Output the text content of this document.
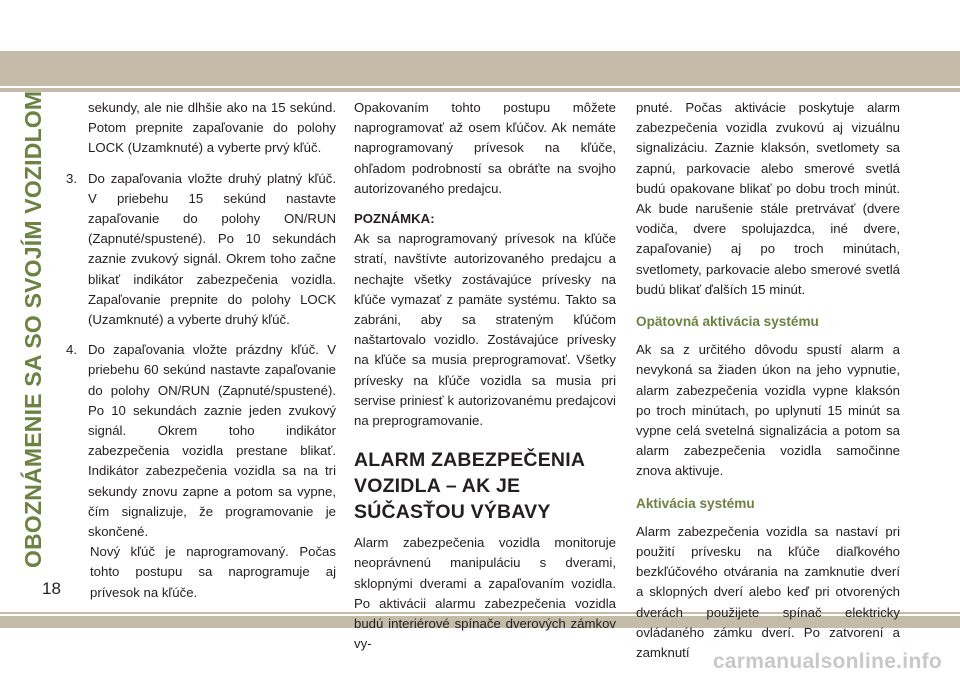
OBOZNÁMENIE SA SO SVOJÍM VOZIDLOM
18

sekundy, ale nie dlhšie ako na 15 sekúnd. Potom prepnite zapaľovanie do polohy LOCK (Uzamknuté) a vyberte prvý kľúč.

3. Do zapaľovania vložte druhý platný kľúč. V priebehu 15 sekúnd nastavte zapaľovanie do polohy ON/RUN (Zapnuté/spustené). Po 10 sekundách zaznie zvukový signál. Okrem toho začne blikať indikátor zabezpečenia vozidla. Zapaľovanie prepnite do polohy LOCK (Uzamknuté) a vyberte druhý kľúč.

4. Do zapaľovania vložte prázdny kľúč. V priebehu 60 sekúnd nastavte zapaľovanie do polohy ON/RUN (Zapnuté/spustené). Po 10 sekundách zaznie jeden zvukový signál. Okrem toho indikátor zabezpečenia vozidla prestane blikať. Indikátor zabezpečenia vozidla sa na tri sekundy znovu zapne a potom sa vypne, čím signalizuje, že programovanie je skončené.

Nový kľúč je naprogramovaný. Počas tohto postupu sa naprogramuje aj prívesok na kľúče.

Opakovaním tohto postupu môžete naprogramovať až osem kľúčov. Ak nemáte naprogramovaný prívesok na kľúče, ohľadom podrobností sa obráťte na svojho autorizovaného predajcu.

POZNÁMKA:

Ak sa naprogramovaný prívesok na kľúče stratí, navštívte autorizovaného predajcu a nechajte všetky zostávajúce prívesky na kľúče vymazať z pamäte systému. Takto sa zabráni, aby sa strateným kľúčom naštartovalo vozidlo. Zostávajúce prívesky na kľúče sa musia preprogramovať. Všetky prívesky na kľúče vozidla sa musia pri servise priniesť k autorizovanému predajcovi na preprogramovanie.

ALARM ZABEZPEČENIA VOZIDLA – AK JE SÚČASŤOU VÝBAVY

Alarm zabezpečenia vozidla monitoruje neoprávnenú manipuláciu s dverami, sklopnými dverami a zapaľovaním vozidla. Po aktivácii alarmu zabezpečenia vozidla budú interiérové spínače dverových zámkov vy-

pnuté. Počas aktivácie poskytuje alarm zabezpečenia vozidla zvukovú aj vizuálnu signalizáciu. Zaznie klaksón, svetlomety sa zapnú, parkovacie alebo smerové svetlá budú opakovane blikať po dobu troch minút. Ak bude narušenie stále pretrvávať (dvere vodiča, dvere spolujazdca, iné dvere, zapaľovanie) aj po troch minútach, svetlomety, parkovacie alebo smerové svetlá budú blikať ďalších 15 minút.

Opätovná aktivácia systému

Ak sa z určitého dôvodu spustí alarm a nevykoná sa žiaden úkon na jeho vypnutie, alarm zabezpečenia vozidla vypne klaksón po troch minútach, po uplynutí 15 minút sa vypne celá svetelná signalizácia a potom sa alarm zabezpečenia vozidla samočinne znova aktivuje.

Aktivácia systému

Alarm zabezpečenia vozidla sa nastaví pri použití prívesku na kľúče diaľkového bezkľúčového otvárania na zamknutie dverí a sklopných dverí alebo keď pri otvorených dverách použijete spínač elektricky ovládaného zámku dverí. Po zatvorení a zamknutí	carmanualsonline.info
